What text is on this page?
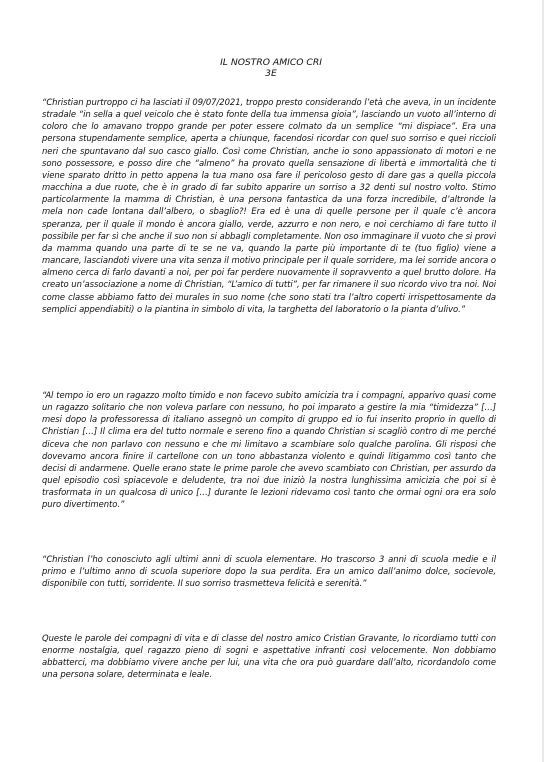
IL NOSTRO AMICO CRI
3E

“Christian purtroppo ci ha lasciati il 09/07/2021, troppo presto considerando l’età che aveva, in un incidente stradale “in sella a quel veicolo che è stato fonte della tua immensa gioia”, lasciando un vuoto all’interno di coloro che lo amavano troppo grande per poter essere colmato da un semplice “mi dispiace”. Era una persona stupendamente semplice, aperta a chiunque, facendosi ricordar con quel suo sorriso e quei riccioli neri che spuntavano dal suo casco giallo. Così come Christian, anche io sono appassionato di motori e ne sono possessore, e posso dire che “almeno” ha provato quella sensazione di libertà e immortalità che ti viene sparato dritto in petto appena la tua mano osa fare il pericoloso gesto di dare gas a quella piccola macchina a due ruote, che è in grado di far subito apparire un sorriso a 32 denti sul nostro volto. Stimo particolarmente la mamma di Christian, è una persona fantastica da una forza incredibile, d’altronde la mela non cade lontana dall’albero, o sbaglio?! Era ed è una di quelle persone per il quale c’è ancora speranza, per il quale il mondo è ancora giallo, verde, azzurro e non nero, e noi cerchiamo di fare tutto il possibile per far sì che anche il suo non si abbagli completamente. Non oso immaginare il vuoto che si provi da mamma quando una parte di te se ne va, quando la parte più importante di te (tuo figlio) viene a mancare, lasciandoti vivere una vita senza il motivo principale per il quale sorridere, ma lei sorride ancora o almeno cerca di farlo davanti a noi, per poi far perdere nuovamente il sopravvento a quel brutto dolore. Ha creato un’associazione a nome di Christian, “L’amico di tutti”, per far rimanere il suo ricordo vivo tra noi. Noi come classe abbiamo fatto dei murales in suo nome (che sono stati tra l’altro coperti irrispettosamente da semplici appendiabiti) o la piantina in simbolo di vita, la targhetta del laboratorio o la pianta d’ulivo.”

“Al tempo io ero un ragazzo molto timido e non facevo subito amicizia tra i compagni, apparivo quasi come un ragazzo solitario che non voleva parlare con nessuno, ho poi imparato a gestire la mia “timidezza” […] mesi dopo la professoressa di italiano assegnò un compito di gruppo ed io fui inserito proprio in quello di Christian […] Il clima era del tutto normale e sereno fino a quando Christian si scagliò contro di me perché diceva che non parlavo con nessuno e che mi limitavo a scambiare solo qualche parolina. Gli risposi che dovevamo ancora finire il cartellone con un tono abbastanza violento e quindi litigammo così tanto che decisi di andarmene. Quelle erano state le prime parole che avevo scambiato con Christian, per assurdo da quel episodio così spiacevole e deludente, tra noi due iniziò la nostra lunghissima amicizia che poi si è trasformata in un qualcosa di unico […] durante le lezioni ridevamo così tanto che ormai ogni ora era solo puro divertimento.”

“Christian l’ho conosciuto agli ultimi anni di scuola elementare. Ho trascorso 3 anni di scuola medie e il primo e l’ultimo anno di scuola superiore dopo la sua perdita. Era un amico dall’animo dolce, socievole, disponibile con tutti, sorridente. Il suo sorriso trasmetteva felicità e serenità.”

Queste le parole dei compagni di vita e di classe del nostro amico Cristian Gravante, lo ricordiamo tutti con enorme nostalgia, quel ragazzo pieno di sogni e aspettative infranti così velocemente. Non dobbiamo abbatterci, ma dobbiamo vivere anche per lui, una vita che ora può guardare dall’alto, ricordandolo come una persona solare, determinata e leale.
